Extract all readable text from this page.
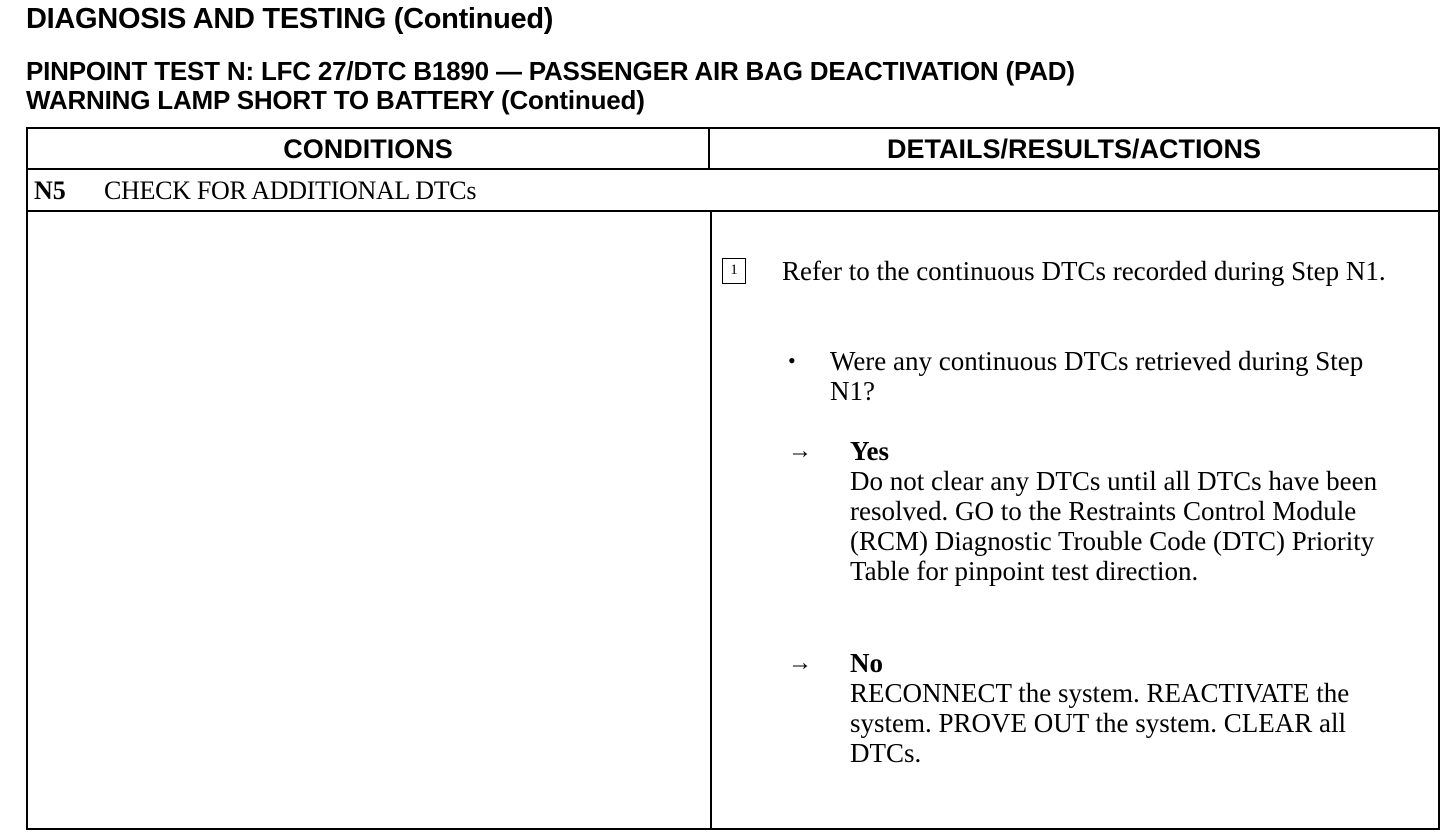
DIAGNOSIS AND TESTING (Continued)
PINPOINT TEST N: LFC 27/DTC B1890 — PASSENGER AIR BAG DEACTIVATION (PAD)
WARNING LAMP SHORT TO BATTERY (Continued)
CONDITIONS	DETAILS/RESULTS/ACTIONS
N5 CHECK FOR ADDITIONAL DTCs
1	Refer to the continuous DTCs recorded during Step N1.
• Were any continuous DTCs retrieved during Step N1?
→ Yes
Do not clear any DTCs until all DTCs have been resolved. GO to the Restraints Control Module (RCM) Diagnostic Trouble Code (DTC) Priority Table for pinpoint test direction.
→ No
RECONNECT the system. REACTIVATE the system. PROVE OUT the system. CLEAR all DTCs.
